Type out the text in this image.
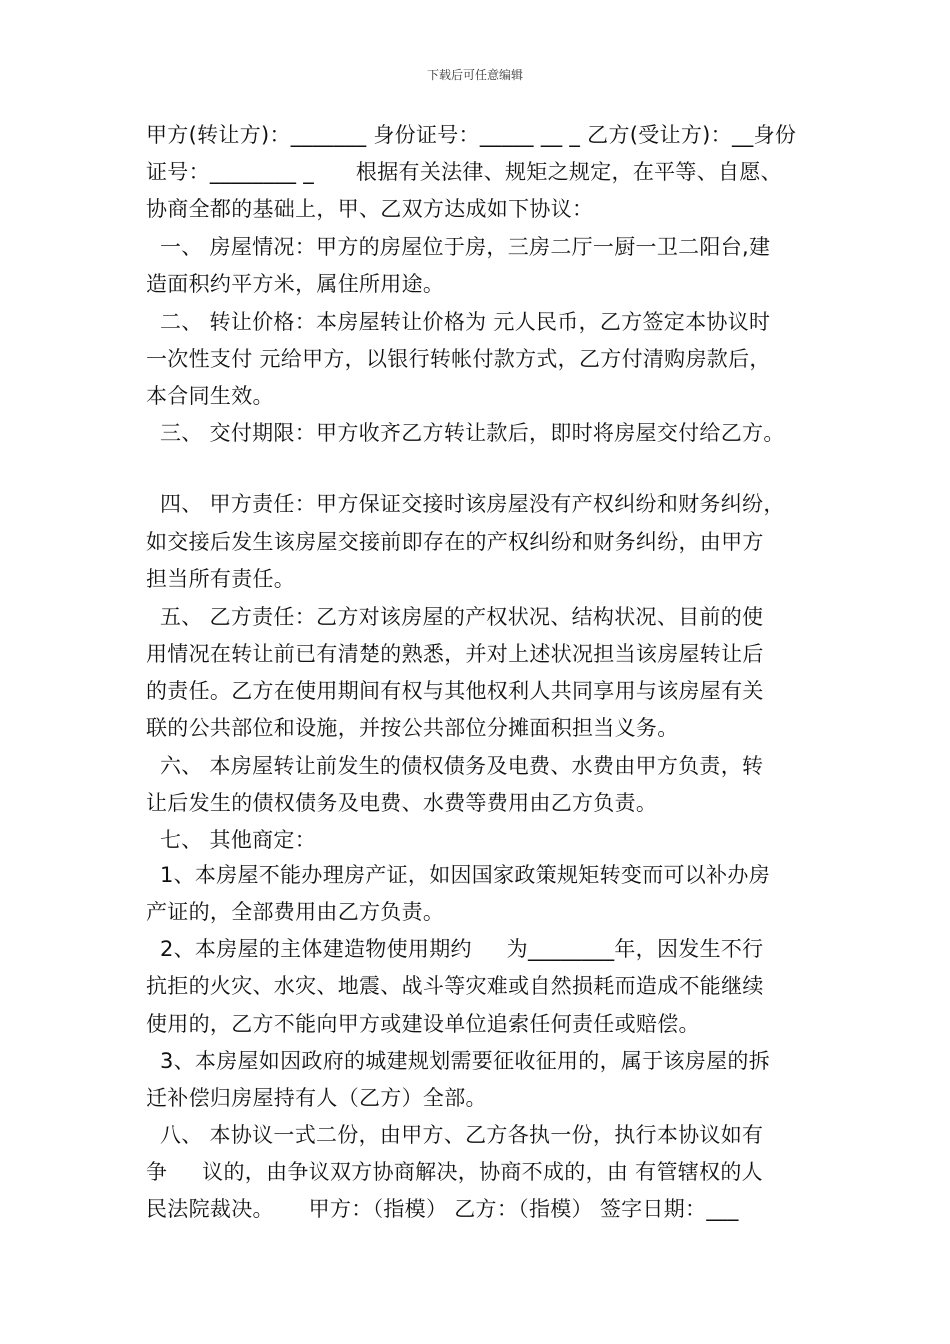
下载后可任意编辑
甲方(转让方)：_______ 身份证号：_____ __ _ 乙方(受让方)：__身份
证号：________ _      根据有关法律、规矩之规定，在平等、自愿、
协商全都的基础上，甲、乙双方达成如下协议：
一、 房屋情况：甲方的房屋位于房，三房二厅一厨一卫二阳台,建
造面积约平方米，属住所用途。
二、 转让价格：本房屋转让价格为 元人民币，乙方签定本协议时
一次性支付 元给甲方，以银行转帐付款方式，乙方付清购房款后，
本合同生效。
三、 交付期限：甲方收齐乙方转让款后，即时将房屋交付给乙方。
四、 甲方责任：甲方保证交接时该房屋没有产权纠纷和财务纠纷，
如交接后发生该房屋交接前即存在的产权纠纷和财务纠纷，由甲方
担当所有责任。
五、 乙方责任：乙方对该房屋的产权状况、结构状况、目前的使
用情况在转让前已有清楚的熟悉，并对上述状况担当该房屋转让后
的责任。乙方在使用期间有权与其他权利人共同享用与该房屋有关
联的公共部位和设施，并按公共部位分摊面积担当义务。
六、 本房屋转让前发生的债权债务及电费、水费由甲方负责，转
让后发生的债权债务及电费、水费等费用由乙方负责。
七、 其他商定：
1、本房屋不能办理房产证，如因国家政策规矩转变而可以补办房
产证的，全部费用由乙方负责。
2、本房屋的主体建造物使用期约     为________年，因发生不行
抗拒的火灾、水灾、地震、战斗等灾难或自然损耗而造成不能继续
使用的，乙方不能向甲方或建设单位追索任何责任或赔偿。
3、本房屋如因政府的城建规划需要征收征用的，属于该房屋的拆
迁补偿归房屋持有人（乙方）全部。
八、 本协议一式二份，由甲方、乙方各执一份，执行本协议如有
争     议的，由争议双方协商解决，协商不成的，由 有管辖权的人
民法院裁决。     甲方：（指模） 乙方：（指模） 签字日期：___
